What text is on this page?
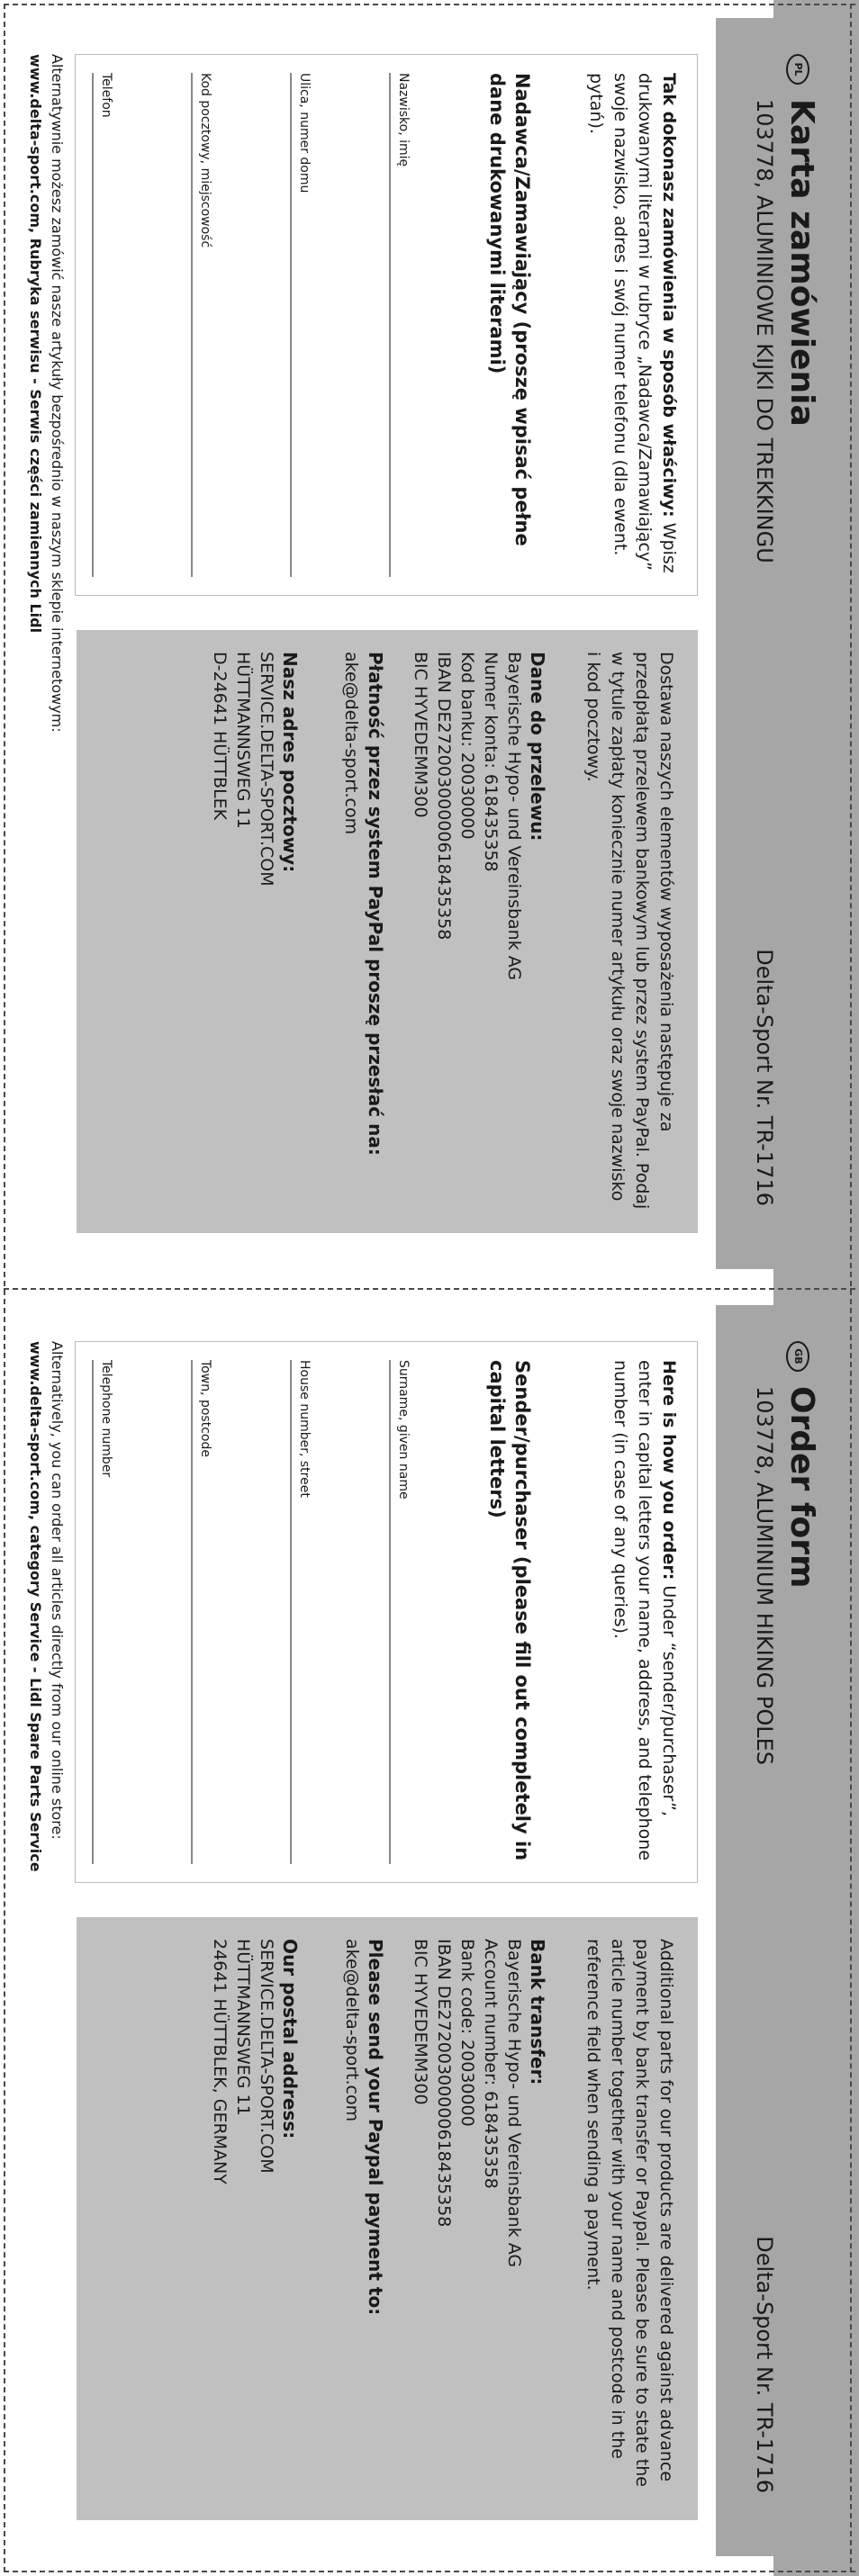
PL
Karta zamówienia
103778, ALUMINIOWE KIJKI DO TREKKINGU
Delta-Sport Nr. TR-1716
Tak dokonasz zamówienia w sposób właściwy: Wpisz drukowanymi literami w rubryce „Nadawca/Zamawiający” swoje nazwisko, adres i swój numer telefonu (dla ewent. pytań).
Nadawca/Zamawiający (proszę wpisać pełne dane drukowanymi literami)
Nazwisko, imię
Ulica, numer domu
Kod pocztowy, miejscowość
Telefon
Dostawa naszych elementów wyposażenia następuje za przedpłatą przelewem bankowym lub przez system PayPal. Podaj w tytule zapłaty koniecznie numer artykułu oraz swoje nazwisko i kod pocztowy.
Dane do przelewu:
Bayerische Hypo- und Vereinsbank AG
Numer konta: 618435358
Kod banku: 20030000
IBAN DE27200300000618435358
BIC HYVEDEMM300
Płatność przez system PayPal proszę przesłać na: ake@delta-sport.com
Nasz adres pocztowy:
SERVICE.DELTA-SPORT.COM
HÜTTMANNSWEG 11
D-24641 HÜTTBLEK
Alternatywnie możesz zamówić nasze artykuły bezpośrednio w naszym sklepie internetowym:
www.delta-sport.com, Rubryka serwisu - Serwis części zamiennych Lidl
GB
Order form
103778, ALUMINIUM HIKING POLES
Delta-Sport Nr. TR-1716
Here is how you order: Under “sender/purchaser”, enter in capital letters your name, address, and telephone number (in case of any queries).
Sender/purchaser (please fill out completely in capital letters)
Surname, given name
House number, street
Town, postcode
Telephone number
Additional parts for our products are delivered against advance payment by bank transfer or Paypal. Please be sure to state the article number together with your name and postcode in the reference field when sending a payment.
Bank transfer:
Bayerische Hypo- und Vereinsbank AG
Account number: 618435358
Bank code: 20030000
IBAN DE27200300000618435358
BIC HYVEDEMM300
Please send your Paypal payment to:
ake@delta-sport.com
Our postal address:
SERVICE.DELTA-SPORT.COM
HÜTTMANNSWEG 11
24641 HÜTTBLEK, GERMANY
Alternatively, you can order all articles directly from our online store:
www.delta-sport.com, category Service - Lidl Spare Parts Service
